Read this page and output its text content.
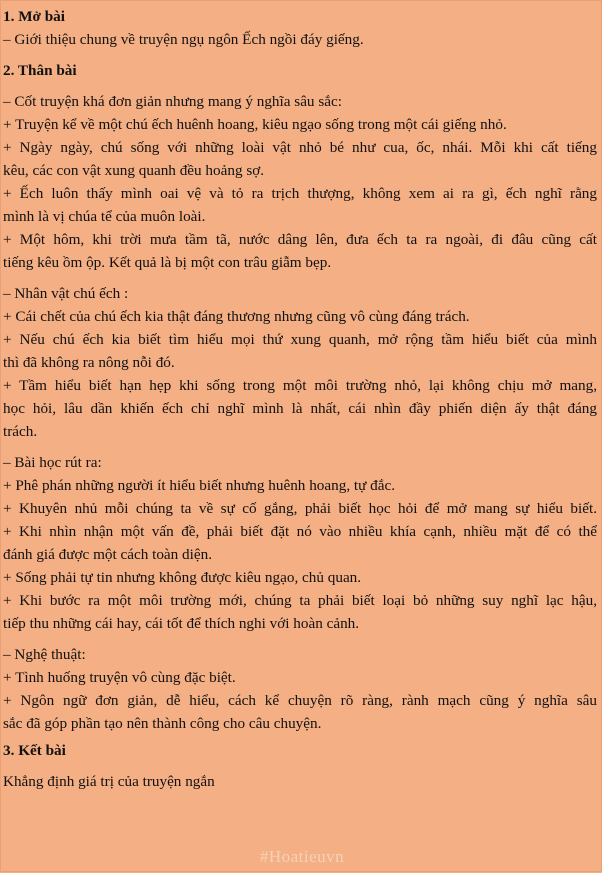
1. Mở bài
– Giới thiệu chung về truyện ngụ ngôn Ếch ngồi đáy giếng.
2. Thân bài
– Cốt truyện khá đơn giản nhưng mang ý nghĩa sâu sắc:
+ Truyện kể về một chú ếch huênh hoang, kiêu ngạo sống trong một cái giếng nhỏ.
+ Ngày ngày, chú sống với những loài vật nhỏ bé như cua, ốc, nhái. Mỗi khi cất tiếng
kêu, các con vật xung quanh đều hoảng sợ.
+ Ếch luôn thấy mình oai vệ và tỏ ra trịch thượng, không xem ai ra gì, ếch nghĩ rằng
mình là vị chúa tể của muôn loài.
+ Một hôm, khi trời mưa tầm tã, nước dâng lên, đưa ếch ta ra ngoài, đi đâu cũng cất
tiếng kêu ồm ộp. Kết quả là bị một con trâu giẫm bẹp.
– Nhân vật chú ếch :
+ Cái chết của chú ếch kia thật đáng thương nhưng cũng vô cùng đáng trách.
+ Nếu chú ếch kia biết tìm hiểu mọi thứ xung quanh, mở rộng tầm hiểu biết của mình
thì đã không ra nông nỗi đó.
+ Tầm hiểu biết hạn hẹp khi sống trong một môi trường nhỏ, lại không chịu mở mang,
học hỏi, lâu dần khiến ếch chỉ nghĩ mình là nhất, cái nhìn đầy phiến diện ấy thật đáng
trách.
– Bài học rút ra:
+ Phê phán những người ít hiểu biết nhưng huênh hoang, tự đắc.
+ Khuyên nhủ mỗi chúng ta về sự cố gắng, phải biết học hỏi để mở mang sự hiểu biết.
+ Khi nhìn nhận một vấn đề, phải biết đặt nó vào nhiều khía cạnh, nhiều mặt để có thể
đánh giá được một cách toàn diện.
+ Sống phải tự tin nhưng không được kiêu ngạo, chủ quan.
+ Khi bước ra một môi trường mới, chúng ta phải biết loại bỏ những suy nghĩ lạc hậu,
tiếp thu những cái hay, cái tốt để thích nghi với hoàn cảnh.
– Nghệ thuật:
+ Tình huống truyện vô cùng đặc biệt.
+ Ngôn ngữ đơn giản, dễ hiểu, cách kể chuyện rõ ràng, rành mạch cũng ý nghĩa sâu
sắc đã góp phần tạo nên thành công cho câu chuyện.
3. Kết bài
Khẳng định giá trị của truyện ngắn
#Hoatieuvn
